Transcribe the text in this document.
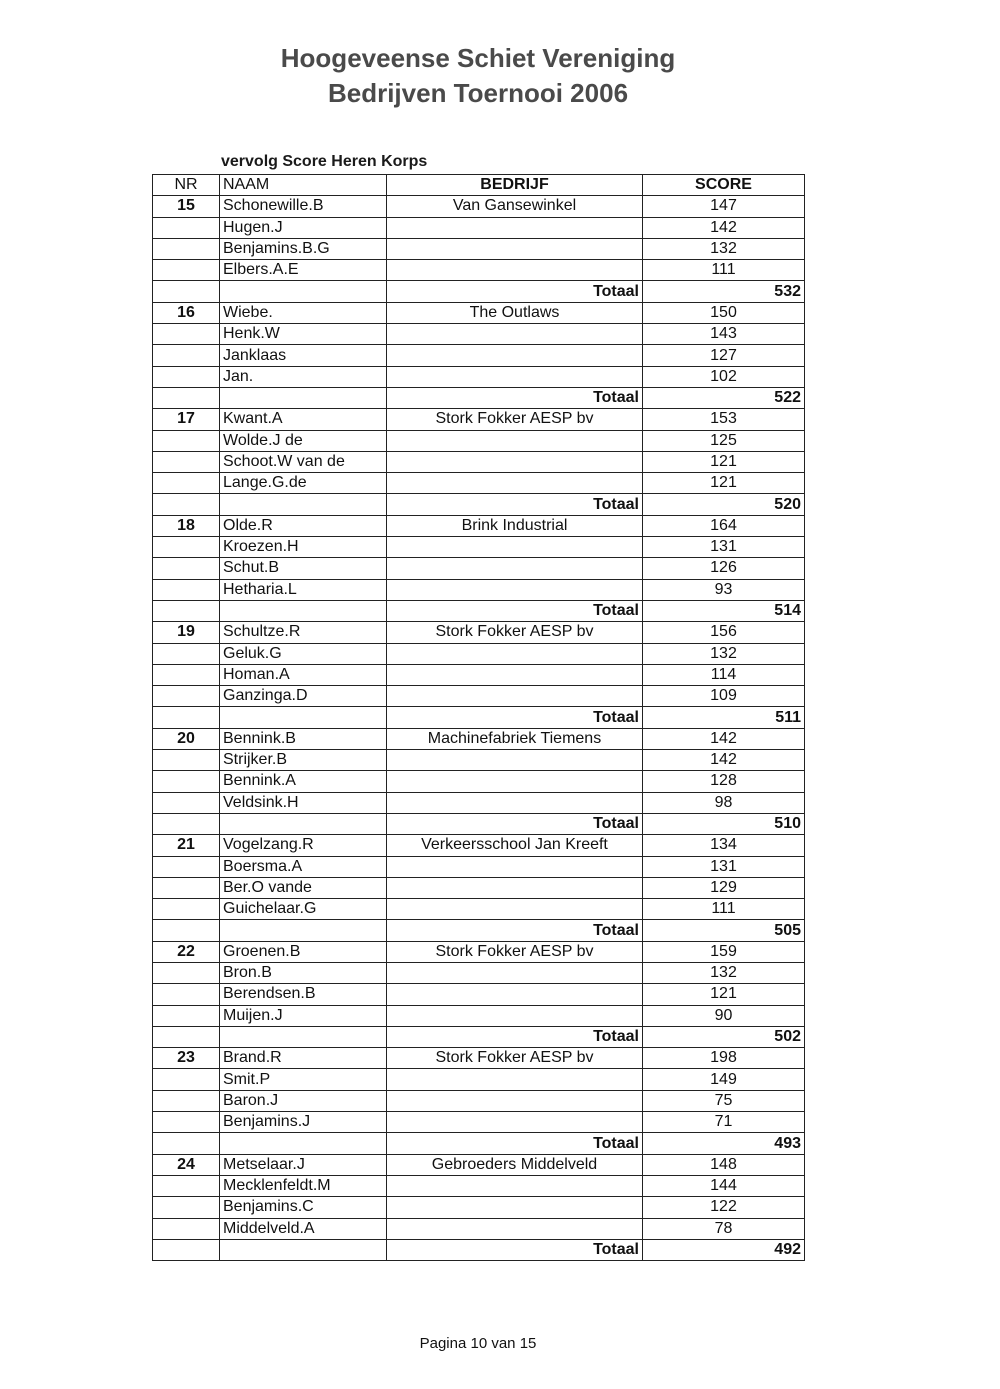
Hoogeveense Schiet Vereniging
Bedrijven Toernooi 2006
vervolg Score Heren Korps
NR	NAAM	BEDRIJF	SCORE
15	Schonewille.B	Van Gansewinkel	147
	Hugen.J		142
	Benjamins.B.G		132
	Elbers.A.E		111
		Totaal	532
16	Wiebe.	The Outlaws	150
	Henk.W		143
	Janklaas		127
	Jan.		102
		Totaal	522
17	Kwant.A	Stork Fokker AESP bv	153
	Wolde.J de		125
	Schoot.W van de		121
	Lange.G.de		121
		Totaal	520
18	Olde.R	Brink Industrial	164
	Kroezen.H		131
	Schut.B		126
	Hetharia.L		93
		Totaal	514
19	Schultze.R	Stork Fokker AESP bv	156
	Geluk.G		132
	Homan.A		114
	Ganzinga.D		109
		Totaal	511
20	Bennink.B	Machinefabriek Tiemens	142
	Strijker.B		142
	Bennink.A		128
	Veldsink.H		98
		Totaal	510
21	Vogelzang.R	Verkeersschool Jan Kreeft	134
	Boersma.A		131
	Ber.O vande		129
	Guichelaar.G		111
		Totaal	505
22	Groenen.B	Stork Fokker AESP bv	159
	Bron.B		132
	Berendsen.B		121
	Muijen.J		90
		Totaal	502
23	Brand.R	Stork Fokker AESP bv	198
	Smit.P		149
	Baron.J		75
	Benjamins.J		71
		Totaal	493
24	Metselaar.J	Gebroeders Middelveld	148
	Mecklenfeldt.M		144
	Benjamins.C		122
	Middelveld.A		78
		Totaal	492
Pagina 10 van 15
